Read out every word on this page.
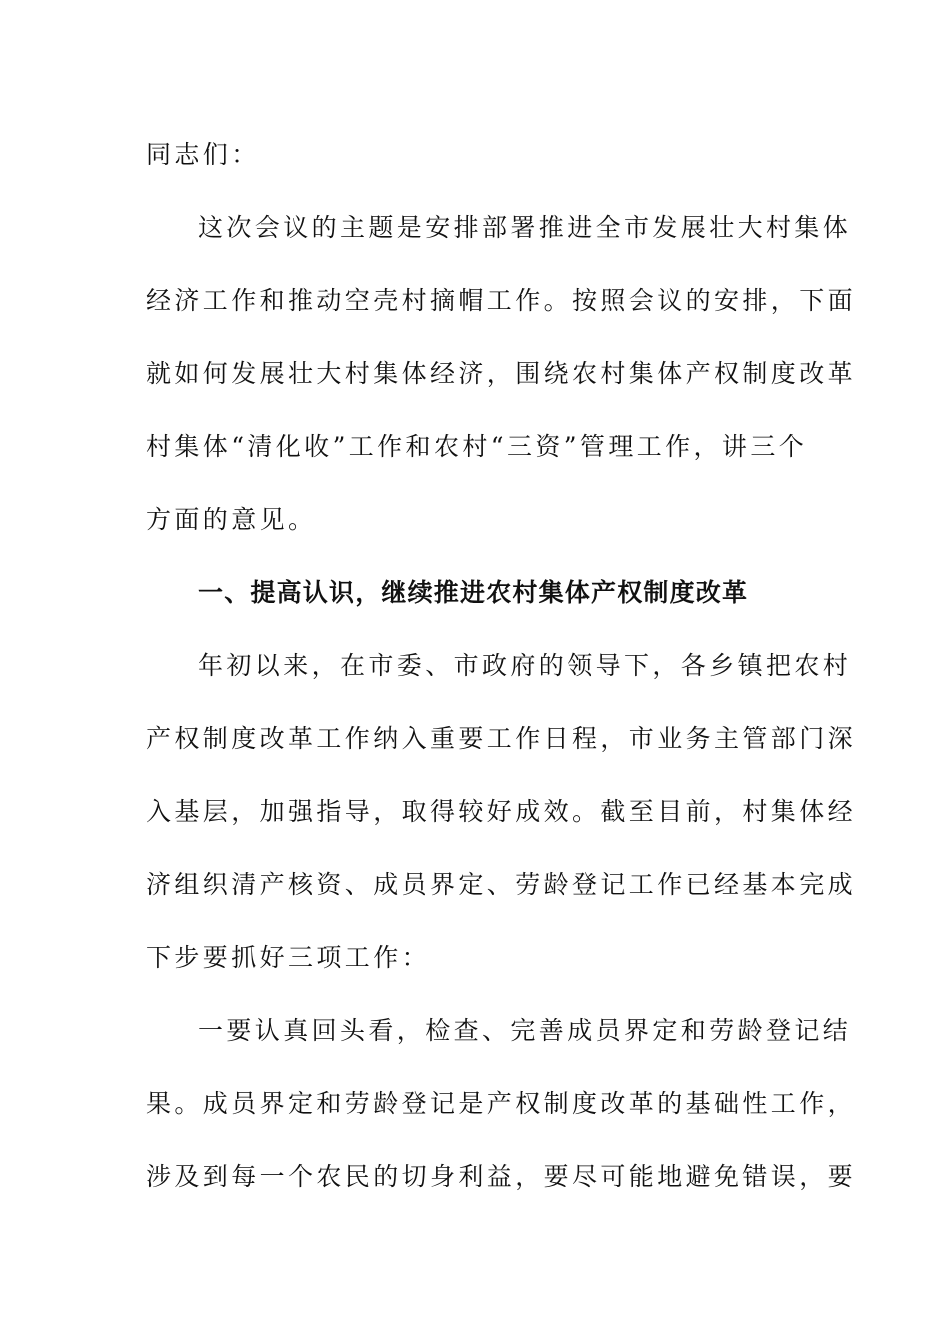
同志们：
这次会议的主题是安排部署推进全市发展壮大村集体
经济工作和推动空壳村摘帽工作。按照会议的安排，下面
就如何发展壮大村集体经济，围绕农村集体产权制度改革
村集体“清化收”工作和农村“三资”管理工作，讲三个
方面的意见。
一、提高认识，继续推进农村集体产权制度改革
年初以来，在市委、市政府的领导下，各乡镇把农村
产权制度改革工作纳入重要工作日程，市业务主管部门深
入基层，加强指导，取得较好成效。截至目前，村集体经
济组织清产核资、成员界定、劳龄登记工作已经基本完成
下步要抓好三项工作：
一要认真回头看，检查、完善成员界定和劳龄登记结
果。成员界定和劳龄登记是产权制度改革的基础性工作，
涉及到每一个农民的切身利益，要尽可能地避免错误，要
